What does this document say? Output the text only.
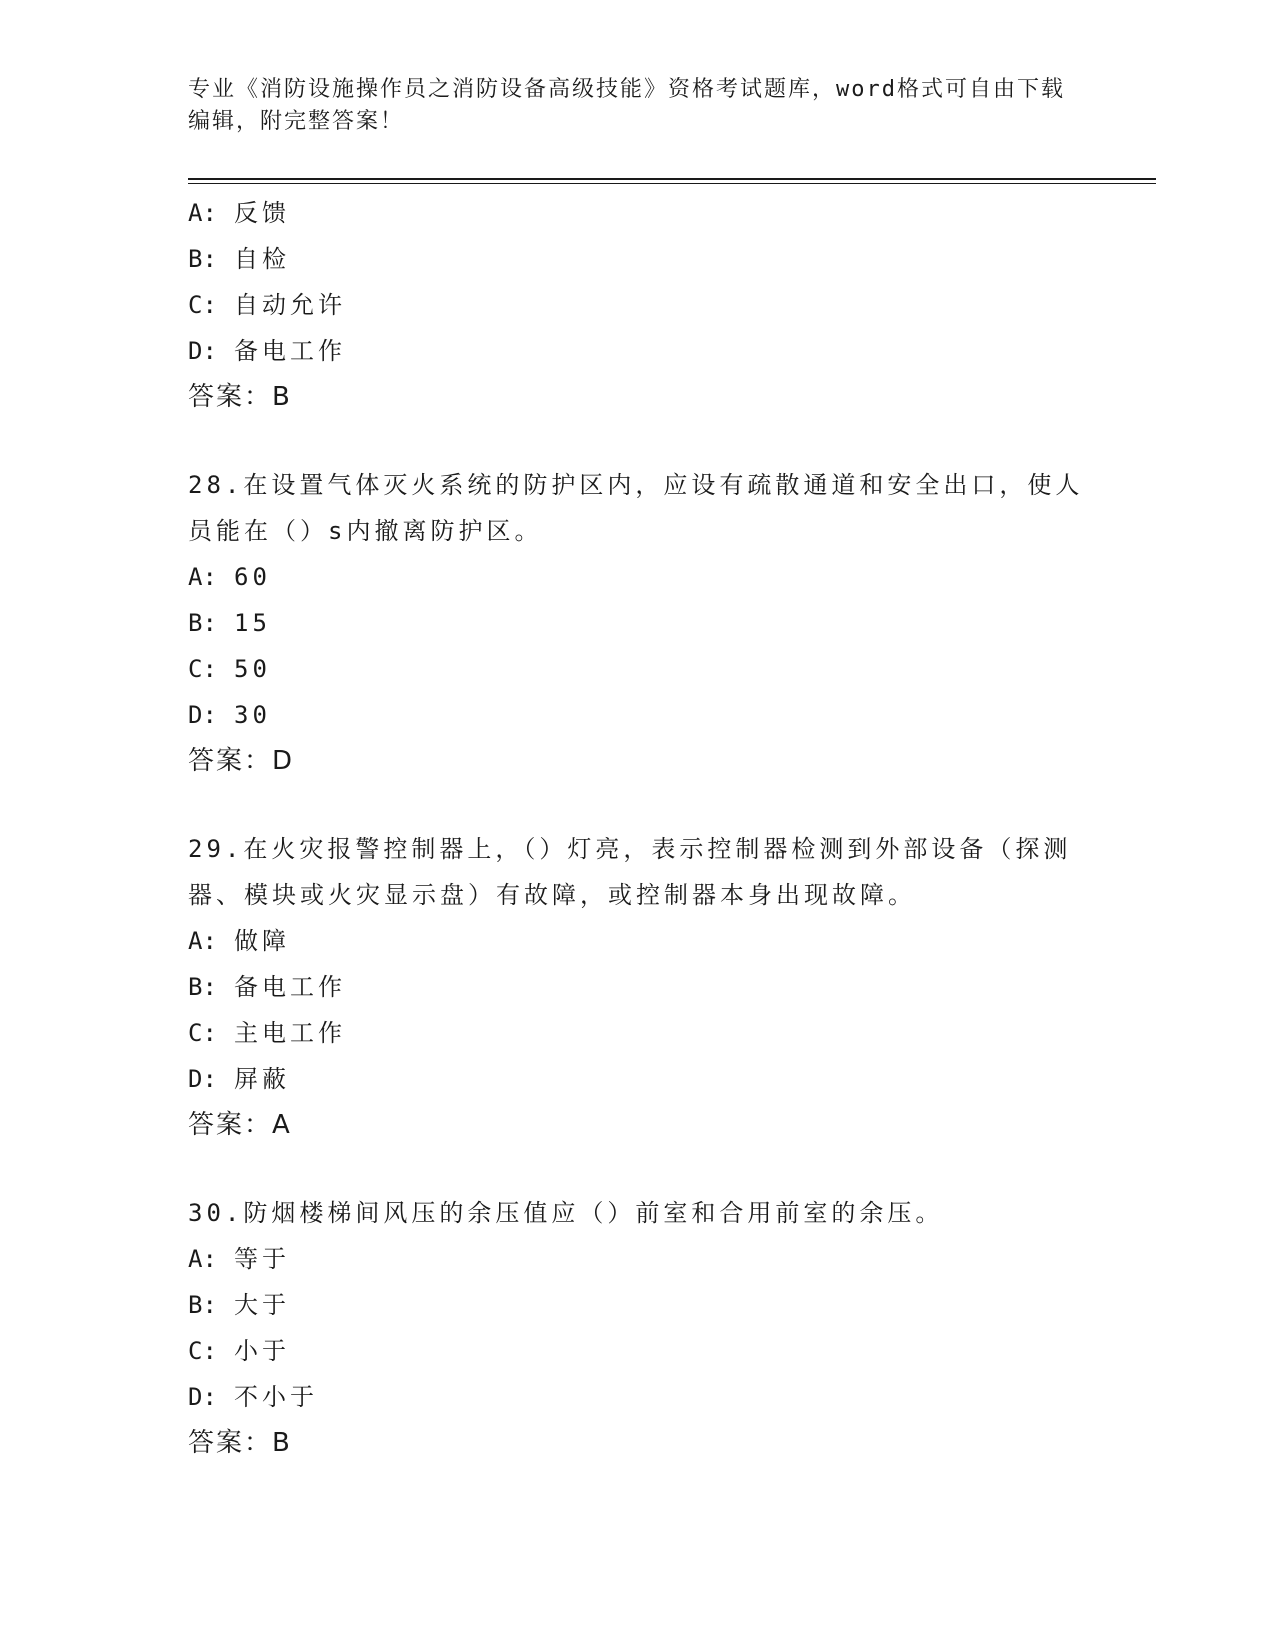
专业《消防设施操作员之消防设备高级技能》资格考试题库，word格式可自由下载编辑，附完整答案！
A: 反馈
B: 自检
C: 自动允许
D: 备电工作
答案：B
28.在设置气体灭火系统的防护区内，应设有疏散通道和安全出口，使人员能在（）s内撤离防护区。
A: 60
B: 15
C: 50
D: 30
答案：D
29.在火灾报警控制器上，（）灯亮，表示控制器检测到外部设备（探测器、模块或火灾显示盘）有故障，或控制器本身出现故障。
A: 做障
B: 备电工作
C: 主电工作
D: 屏蔽
答案：A
30.防烟楼梯间风压的余压值应（）前室和合用前室的余压。
A: 等于
B: 大于
C: 小于
D: 不小于
答案：B
